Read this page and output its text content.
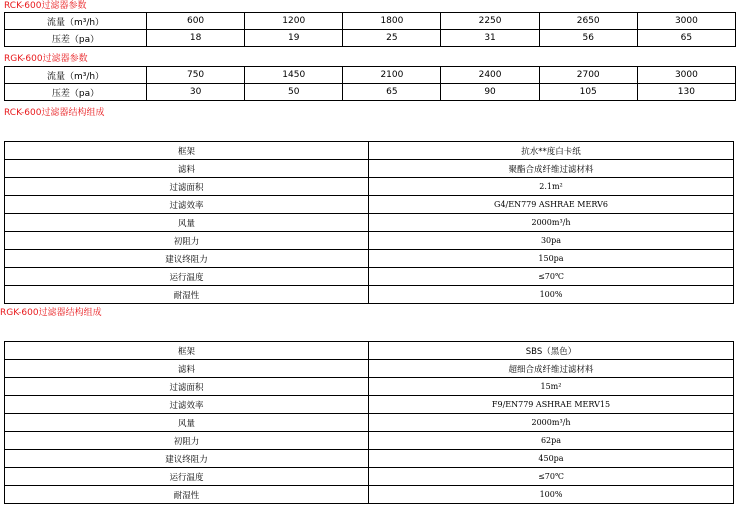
RCK-600过滤器参数
流量（m³/h）	600	1200	1800	2250	2650	3000
压差（pa）	18	19	25	31	56	65
RGK-600过滤器参数
流量（m³/h）	750	1450	2100	2400	2700	3000
压差（pa）	30	50	65	90	105	130
RCK-600过滤器结构组成
框架	抗水**度白卡纸
滤料	聚酯合成纤维过滤材料
过滤面积	2.1m²
过滤效率	G4/EN779 ASHRAE MERV6
风量	2000m³/h
初阻力	30pa
建议终阻力	150pa
运行温度	≤70℃
耐湿性	100%
RGK-600过滤器结构组成
框架	SBS（黑色）
滤料	超细合成纤维过滤材料
过滤面积	15m²
过滤效率	F9/EN779 ASHRAE MERV15
风量	2000m³/h
初阻力	62pa
建议终阻力	450pa
运行温度	≤70℃
耐湿性	100%
